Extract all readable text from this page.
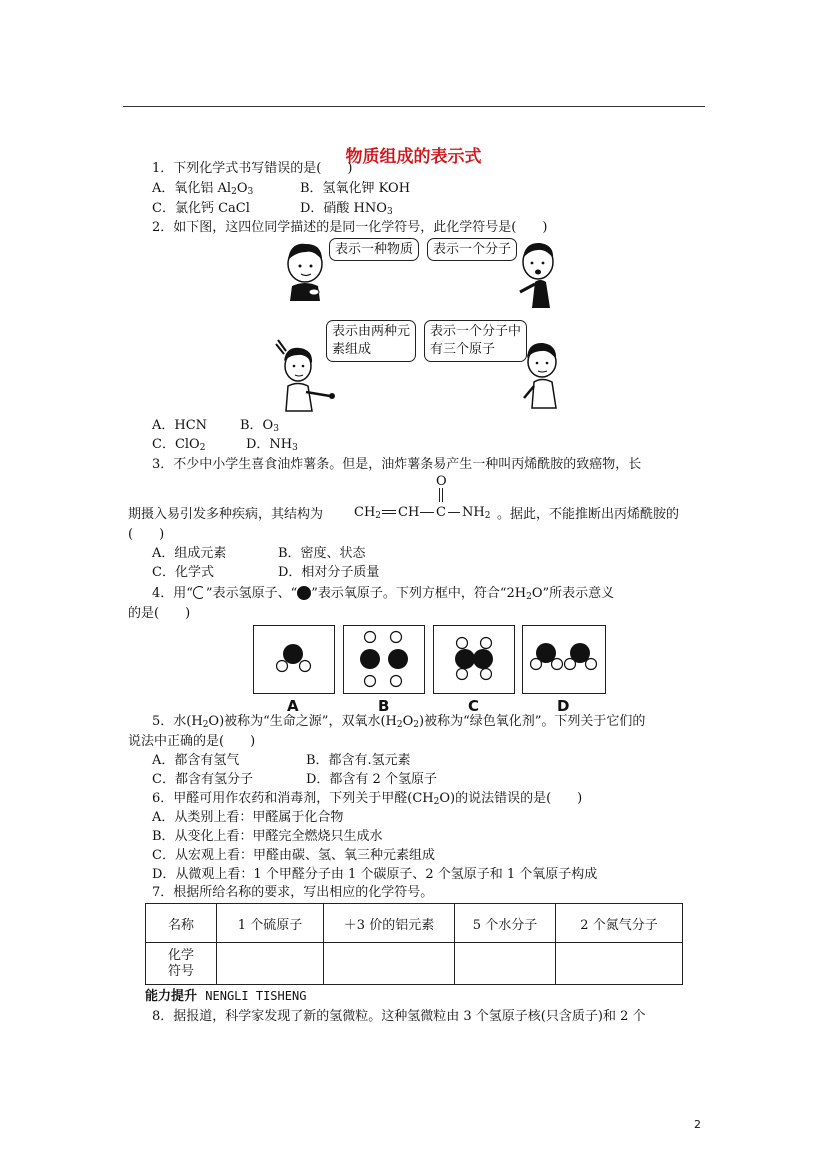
物质组成的表示式
1．下列化学式书写错误的是(　　)
A．氧化铝 $Al_2O_3$	B．氢氧化钾 KOH
C．氯化钙 CaCl	D．硝酸 $HNO_3$
2．如下图，这四位同学描述的是同一化学符号，此化学符号是(　　)
表示一种物质	表示一个分子
表示由两种元
素组成
表示一个分子中
有三个原子
A．HCN	B．$O_3$
C．ClO$_2$	D．$NH_3$
3．不少中小学生喜食油炸薯条。但是，油炸薯条易产生一种叫丙烯酰胺的致癌物，长
期摄入易引发多种疾病，其结构为
O
$CH_2$ CH C $NH_2$ 。据此，不能推断出丙烯酰胺的
(　　)
A．组成元素	B．密度、状态
C．化学式	D．相对分子质量
4．用“ ”表示氢原子、“ ”表示氧原子。下列方框中，符合“$2H_2O$”所表示意义
的是(　　)
A	B	C	D
5．水$(H_2O)$被称为“生命之源”，双氧水$(H_2O_2)$被称为“绿色氧化剂”。下列关于它们的
说法中正确的是(　　)
A．都含有氢气	B．都含有.氢元素
C．都含有氢分子	D．都含有 2 个氢原子
6．甲醛可用作农药和消毒剂，下列关于甲醛$(CH_2O)$的说法错误的是(　　)
A．从类别上看：甲醛属于化合物
B．从变化上看：甲醛完全燃烧只生成水
C．从宏观上看：甲醛由碳、氢、氧三种元素组成
D．从微观上看：1 个甲醛分子由 1 个碳原子、2 个氢原子和 1 个氧原子构成
7．根据所给名称的要求，写出相应的化学符号。
名称	1 个硫原子	＋3 价的铝元素	5 个水分子	2 个氮气分子

化学
符号				

能力提升 NENGLI TISHENG
8．据报道，科学家发现了新的氢微粒。这种氢微粒由 3 个氢原子核(只含质子)和 2 个
2
